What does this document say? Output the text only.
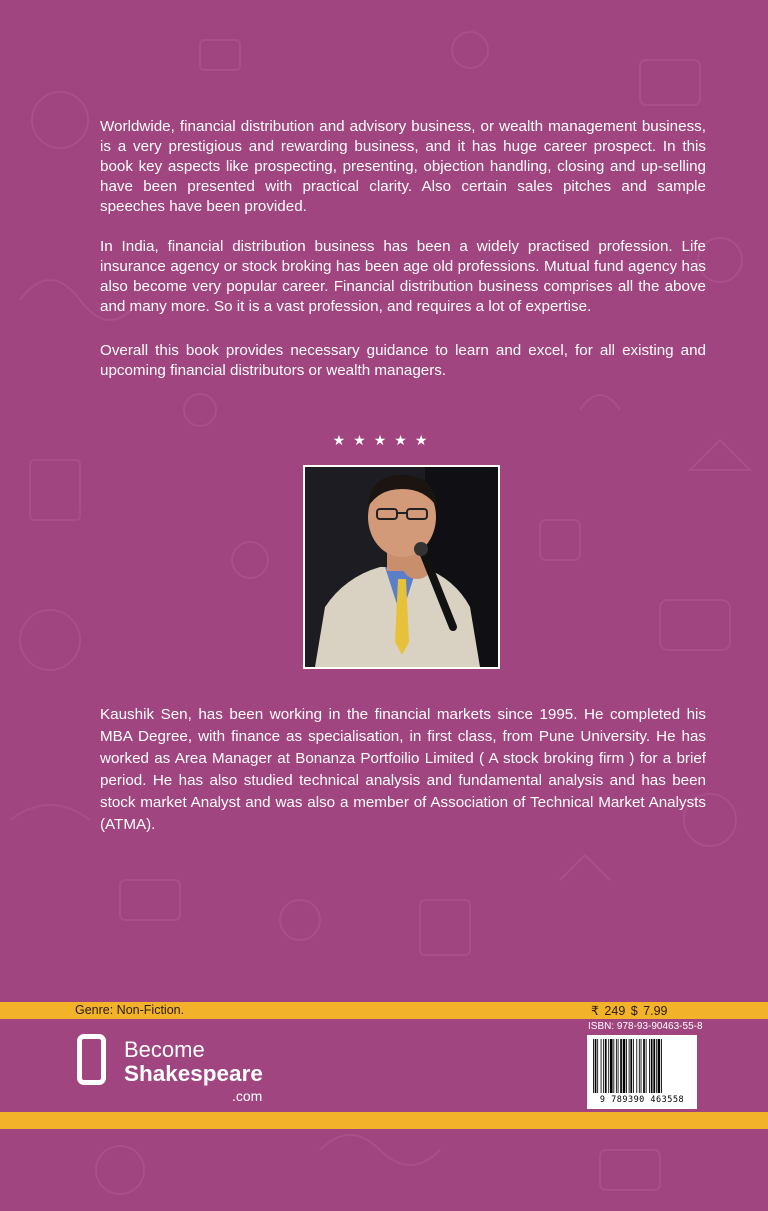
Worldwide, financial distribution and advisory business, or wealth management business, is a very prestigious and rewarding business, and it has huge career prospect. In this book key aspects like prospecting, presenting, objection handling, closing and up-selling have been presented with practical clarity. Also certain sales pitches and sample speeches have been provided.

In India, financial distribution business has been a widely practised profession. Life insurance agency or stock broking has been age old professions. Mutual fund agency has also become very popular career. Financial distribution business comprises all the above and many more. So it is a vast profession, and requires a lot of expertise.

Overall this book provides necessary guidance to learn and excel, for all existing and upcoming financial distributors or wealth managers.

★★★★★

Kaushik Sen, has been working in the financial markets since 1995. He completed his MBA Degree, with finance as specialisation, in first class, from Pune University. He has worked as Area Manager at Bonanza Portfoilio Limited ( A stock broking firm ) for a brief period. He has also studied technical analysis and fundamental analysis and has been stock market Analyst and was also a member of Association of Technical Market Analysts (ATMA).

Genre: Non-Fiction.	₹ 249 $ 7.99
Become
Shakespeare
.com
ISBN: 978-93-90463-55-8
9 789390 463558
